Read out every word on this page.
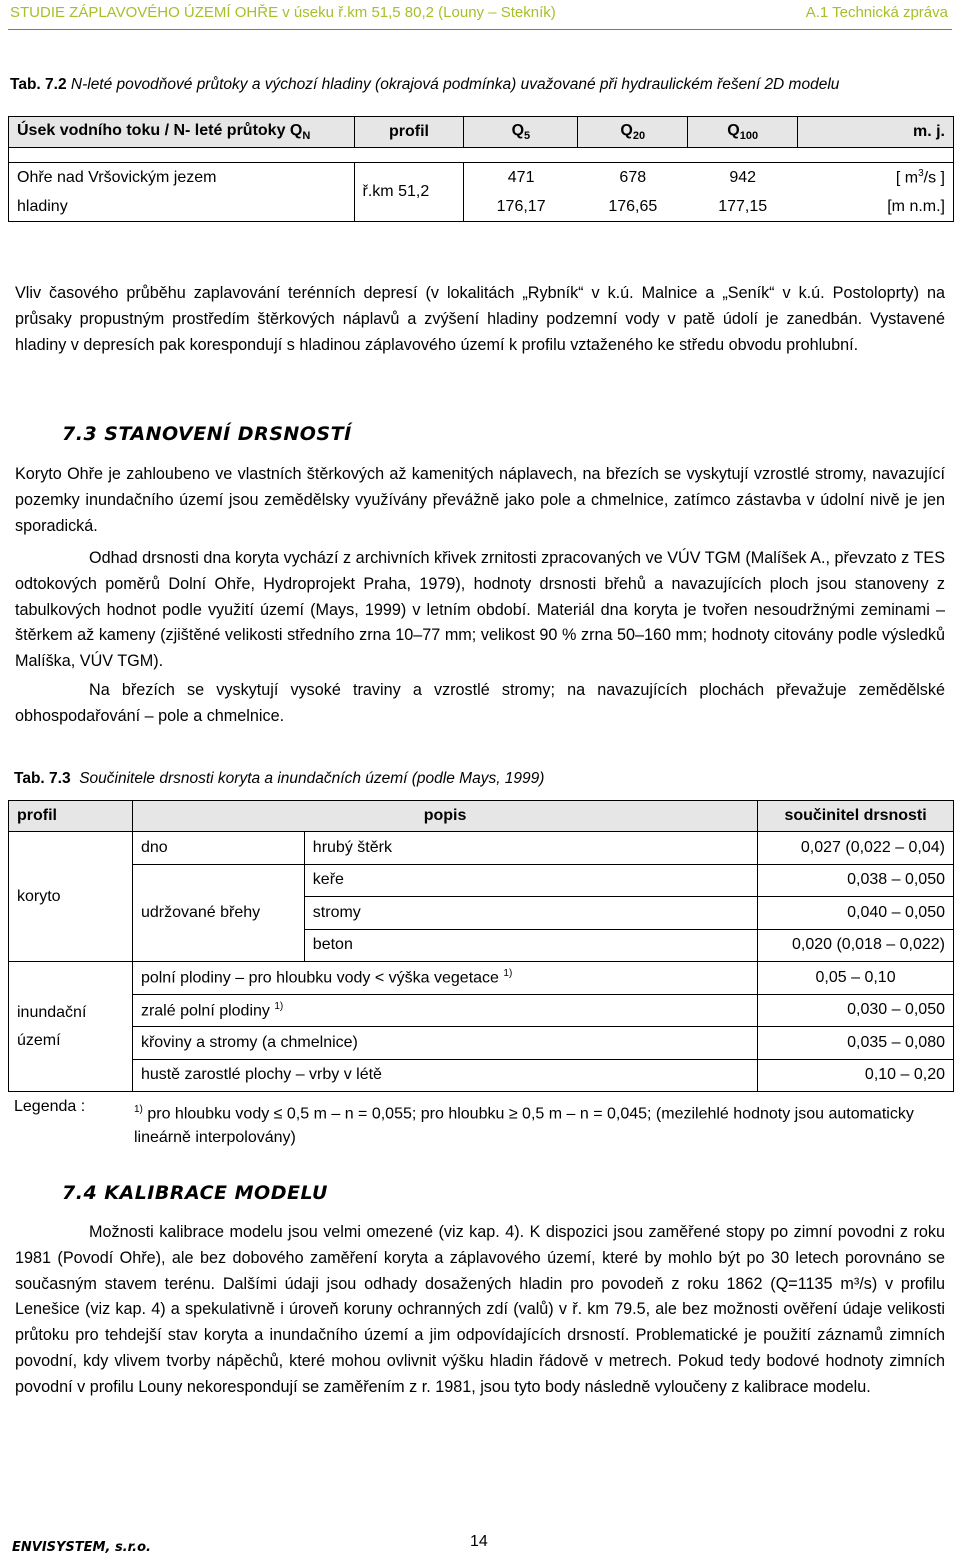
STUDIE ZÁPLAVOVÉHO ÚZEMÍ OHŘE v úseku ř.km 51,5 80,2 (Louny – Stekník)	A.1 Technická zpráva
Tab. 7.2 N-leté povodňové průtoky a výchozí hladiny (okrajová podmínka) uvažované při hydraulickém řešení 2D modelu
Úsek vodního toku / N- leté průtoky $Q_N$	profil	$Q_5$	$Q_{20}$	$Q_{100}$	m. j.

Ohře nad Vršovickým jezem	ř.km 51,2	471	678	942	[ $m^3/s$ ]
hladiny		176,17	176,65	177,15	[m n.m.]
Vliv časového průběhu zaplavování terénních depresí (v lokalitách „Rybník“ v k.ú. Malnice a „Seník“ v k.ú. Postoloprty) na průsaky propustným prostředím štěrkových náplavů a zvýšení hladiny podzemní vody v patě údolí je zanedbán. Vystavené hladiny v depresích pak korespondují s hladinou záplavového území k profilu vztaženého ke středu obvodu prohlubní.
7.3 STANOVENÍ DRSNOSTÍ
Koryto Ohře je zahloubeno ve vlastních štěrkových až kamenitých náplavech, na březích se vyskytují vzrostlé stromy, navazující pozemky inundačního území jsou zemědělsky využívány převážně jako pole a chmelnice, zatímco zástavba v údolní nivě je jen sporadická.
Odhad drsnosti dna koryta vychází z archivních křivek zrnitosti zpracovaných ve VÚV TGM (Malíšek A., převzato z TES odtokových poměrů Dolní Ohře, Hydroprojekt Praha, 1979), hodnoty drsnosti břehů a navazujících ploch jsou stanoveny z tabulkových hodnot podle využití území (Mays, 1999) v letním období. Materiál dna koryta je tvořen nesoudržnými zeminami – štěrkem až kameny (zjištěné velikosti středního zrna 10–77 mm; velikost 90 % zrna 50–160 mm; hodnoty citovány podle výsledků Malíška, VÚV TGM).
Na březích se vyskytují vysoké traviny a vzrostlé stromy; na navazujících plochách převažuje zemědělské obhospodařování – pole a chmelnice.
Tab. 7.3 Součinitele drsnosti koryta a inundačních území (podle Mays, 1999)
profil	popis		součinitel drsnosti
koryto	dno	hrubý štěrk	0,027 (0,022 – 0,04)
	udržované břehy	keře	0,038 – 0,050
		stromy	0,040 – 0,050
		beton	0,020 (0,018 – 0,022)
inundační
území	polní plodiny – pro hloubku vody < výška vegetace $^{1)}$		0,05 – 0,10
	zralé polní plodiny $^{1)}$		0,030 – 0,050
	křoviny a stromy (a chmelnice)		0,035 – 0,080
	hustě zarostlé plochy – vrby v létě		0,10 – 0,20
Legenda :	$^{1)}$ pro hloubku vody ≤ 0,5 m – n = 0,055; pro hloubku ≥ 0,5 m – n = 0,045; (mezilehlé hodnoty jsou automaticky lineárně interpolovány)
7.4 KALIBRACE MODELU
Možnosti kalibrace modelu jsou velmi omezené (viz kap. 4). K dispozici jsou zaměřené stopy po zimní povodni z roku 1981 (Povodí Ohře), ale bez dobového zaměření koryta a záplavového území, které by mohlo být po 30 letech porovnáno se současným stavem terénu. Dalšími údaji jsou odhady dosažených hladin pro povodeň z roku 1862 (Q=1135 m³/s) v profilu Lenešice (viz kap. 4) a spekulativně i úroveň koruny ochranných zdí (valů) v ř. km 79.5, ale bez možnosti ověření údaje velikosti průtoku pro tehdejší stav koryta a inundačního území a jim odpovídajících drsností. Problematické je použití záznamů zimních povodní, kdy vlivem tvorby nápěchů, které mohou ovlivnit výšku hladin řádově v metrech. Pokud tedy bodové hodnoty zimních povodní v profilu Louny nekorespondují se zaměřením z r. 1981, jsou tyto body následně vyloučeny z kalibrace modelu.
ENVISYSTEM, s.r.o.	14
